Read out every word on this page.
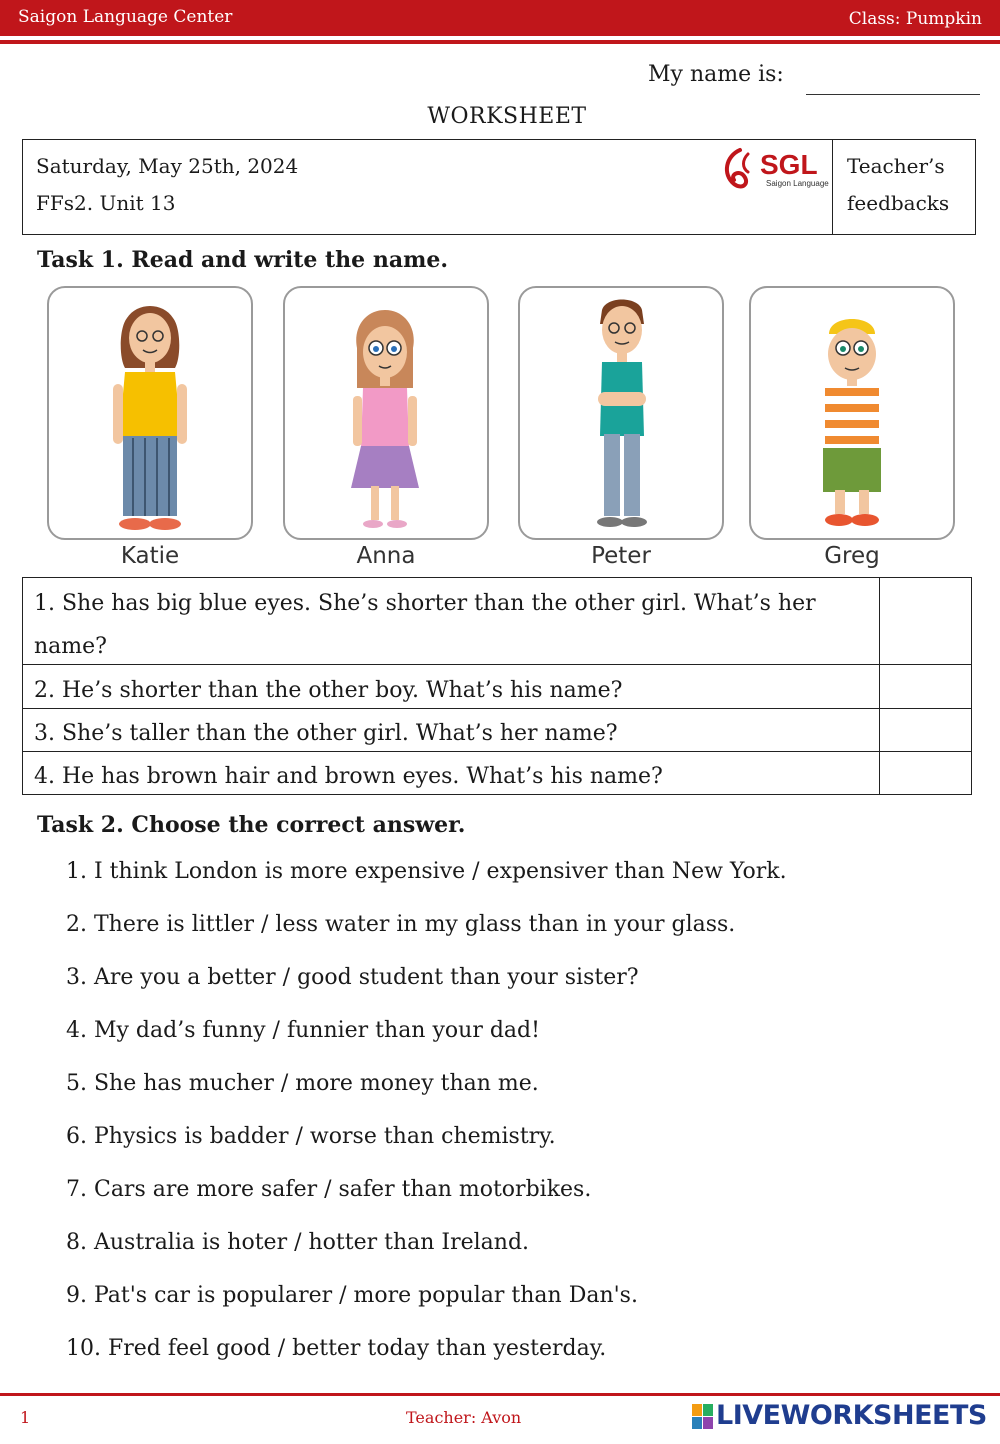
Saigon Language Center	Class: Pumpkin
My name is:
WORKSHEET
Saturday, May 25th, 2024
FFs2. Unit 13
Teacher’s
feedbacks
SGL
Saigon Language
Task 1. Read and write the name.
Katie	Anna	Peter	Greg
1. She has big blue eyes. She’s shorter than the other girl. What’s her name?
2. He’s shorter than the other boy. What’s his name?
3. She’s taller than the other girl. What’s her name?
4. He has brown hair and brown eyes. What’s his name?
Task 2. Choose the correct answer.
1. I think London is more expensive / expensiver than New York.
2. There is littler / less water in my glass than in your glass.
3. Are you a better / good student than your sister?
4. My dad’s funny / funnier than your dad!
5. She has mucher / more money than me.
6. Physics is badder / worse than chemistry.
7. Cars are more safer / safer than motorbikes.
8. Australia is hoter / hotter than Ireland.
9. Pat's car is popularer / more popular than Dan's.
10. Fred feel good / better today than yesterday.
1	Teacher: Avon	LIVEWORKSHEETS
